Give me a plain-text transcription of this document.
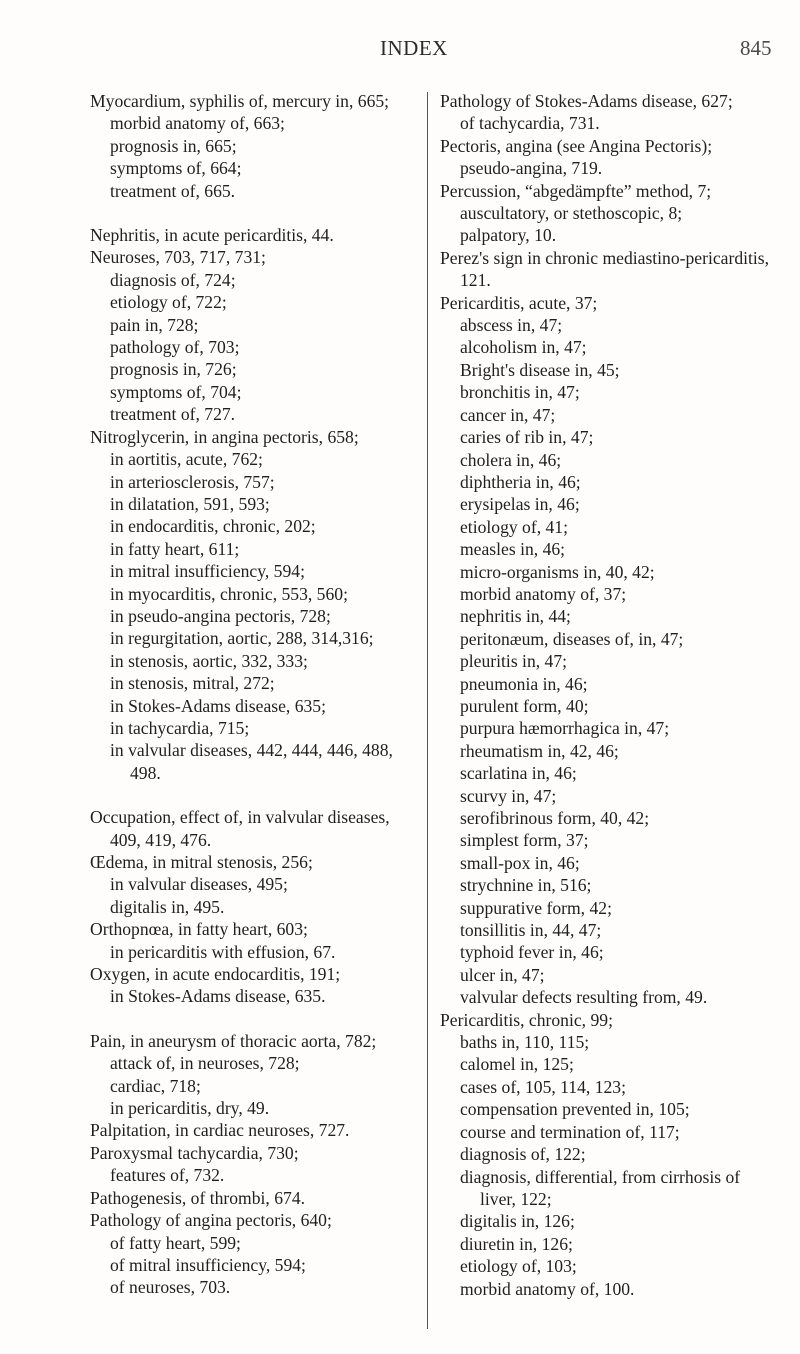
INDEX	845
Myocardium, syphilis of, mercury in, 665;
morbid anatomy of, 663;
prognosis in, 665;
symptoms of, 664;
treatment of, 665.
Nephritis, in acute pericarditis, 44.
Neuroses, 703, 717, 731;
diagnosis of, 724;
etiology of, 722;
pain in, 728;
pathology of, 703;
prognosis in, 726;
symptoms of, 704;
treatment of, 727.
Nitroglycerin, in angina pectoris, 658;
in aortitis, acute, 762;
in arteriosclerosis, 757;
in dilatation, 591, 593;
in endocarditis, chronic, 202;
in fatty heart, 611;
in mitral insufficiency, 594;
in myocarditis, chronic, 553, 560;
in pseudo-angina pectoris, 728;
in regurgitation, aortic, 288, 314,316;
in stenosis, aortic, 332, 333;
in stenosis, mitral, 272;
in Stokes-Adams disease, 635;
in tachycardia, 715;
in valvular diseases, 442, 444, 446, 488, 498.
Occupation, effect of, in valvular diseases, 409, 419, 476.
Œdema, in mitral stenosis, 256;
in valvular diseases, 495;
digitalis in, 495.
Orthopnœa, in fatty heart, 603;
in pericarditis with effusion, 67.
Oxygen, in acute endocarditis, 191;
in Stokes-Adams disease, 635.
Pain, in aneurysm of thoracic aorta, 782;
attack of, in neuroses, 728;
cardiac, 718;
in pericarditis, dry, 49.
Palpitation, in cardiac neuroses, 727.
Paroxysmal tachycardia, 730;
features of, 732.
Pathogenesis, of thrombi, 674.
Pathology of angina pectoris, 640;
of fatty heart, 599;
of mitral insufficiency, 594;
of neuroses, 703.
Pathology of Stokes-Adams disease, 627;
of tachycardia, 731.
Pectoris, angina (see Angina Pectoris);
pseudo-angina, 719.
Percussion, “abgedämpfte” method, 7;
auscultatory, or stethoscopic, 8;
palpatory, 10.
Perez's sign in chronic mediastino-pericarditis, 121.
Pericarditis, acute, 37;
abscess in, 47;
alcoholism in, 47;
Bright's disease in, 45;
bronchitis in, 47;
cancer in, 47;
caries of rib in, 47;
cholera in, 46;
diphtheria in, 46;
erysipelas in, 46;
etiology of, 41;
measles in, 46;
micro-organisms in, 40, 42;
morbid anatomy of, 37;
nephritis in, 44;
peritonæum, diseases of, in, 47;
pleuritis in, 47;
pneumonia in, 46;
purulent form, 40;
purpura hæmorrhagica in, 47;
rheumatism in, 42, 46;
scarlatina in, 46;
scurvy in, 47;
serofibrinous form, 40, 42;
simplest form, 37;
small-pox in, 46;
strychnine in, 516;
suppurative form, 42;
tonsillitis in, 44, 47;
typhoid fever in, 46;
ulcer in, 47;
valvular defects resulting from, 49.
Pericarditis, chronic, 99;
baths in, 110, 115;
calomel in, 125;
cases of, 105, 114, 123;
compensation prevented in, 105;
course and termination of, 117;
diagnosis of, 122;
diagnosis, differential, from cirrhosis of liver, 122;
digitalis in, 126;
diuretin in, 126;
etiology of, 103;
morbid anatomy of, 100.
